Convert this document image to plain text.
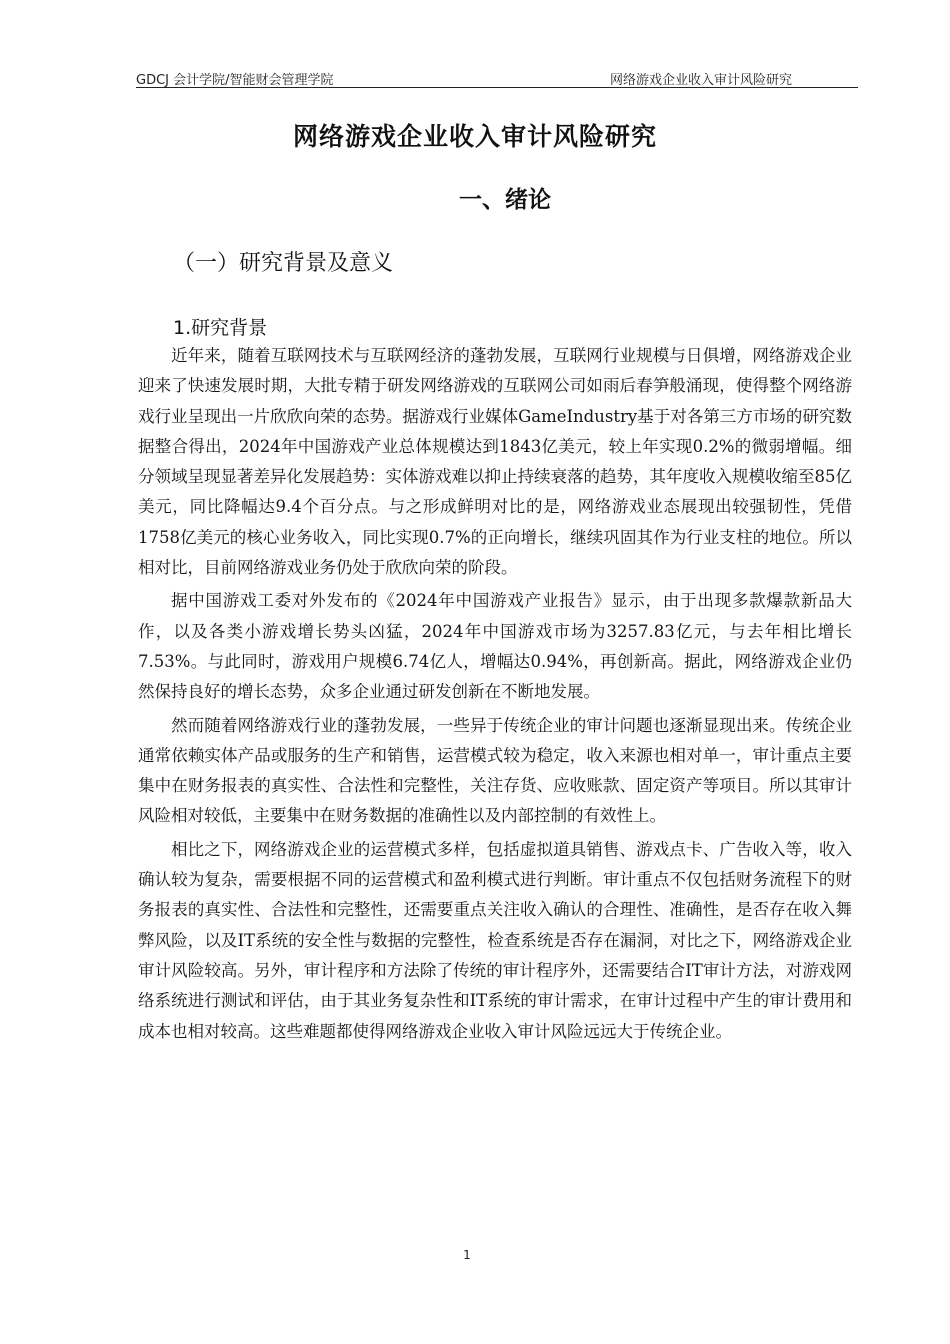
GDCJ 会计学院/智能财会管理学院	网络游戏企业收入审计风险研究
网络游戏企业收入审计风险研究
一、绪论
（一）研究背景及意义
1.研究背景

近年来，随着互联网技术与互联网经济的蓬勃发展，互联网行业规模与日俱增，网络游戏企业迎来了快速发展时期，大批专精于研发网络游戏的互联网公司如雨后春笋般涌现，使得整个网络游戏行业呈现出一片欣欣向荣的态势。据游戏行业媒体GameIndustry基于对各第三方市场的研究数据整合得出，2024年中国游戏产业总体规模达到1843亿美元，较上年实现0.2%的微弱增幅。细分领域呈现显著差异化发展趋势：实体游戏难以抑止持续衰落的趋势，其年度收入规模收缩至85亿美元，同比降幅达9.4个百分点。与之形成鲜明对比的是，网络游戏业态展现出较强韧性，凭借1758亿美元的核心业务收入，同比实现0.7%的正向增长，继续巩固其作为行业支柱的地位。所以相对比，目前网络游戏业务仍处于欣欣向荣的阶段。

据中国游戏工委对外发布的《2024年中国游戏产业报告》显示，由于出现多款爆款新品大作，以及各类小游戏增长势头凶猛，2024年中国游戏市场为3257.83亿元，与去年相比增长7.53%。与此同时，游戏用户规模6.74亿人，增幅达0.94%，再创新高。据此，网络游戏企业仍然保持良好的增长态势，众多企业通过研发创新在不断地发展。

然而随着网络游戏行业的蓬勃发展，一些异于传统企业的审计问题也逐渐显现出来。传统企业通常依赖实体产品或服务的生产和销售，运营模式较为稳定，收入来源也相对单一，审计重点主要集中在财务报表的真实性、合法性和完整性，关注存货、应收账款、固定资产等项目。所以其审计风险相对较低，主要集中在财务数据的准确性以及内部控制的有效性上。

相比之下，网络游戏企业的运营模式多样，包括虚拟道具销售、游戏点卡、广告收入等，收入确认较为复杂，需要根据不同的运营模式和盈利模式进行判断。审计重点不仅包括财务流程下的财务报表的真实性、合法性和完整性，还需要重点关注收入确认的合理性、准确性，是否存在收入舞弊风险，以及IT系统的安全性与数据的完整性，检查系统是否存在漏洞，对比之下，网络游戏企业审计风险较高。另外，审计程序和方法除了传统的审计程序外，还需要结合IT审计方法，对游戏网络系统进行测试和评估，由于其业务复杂性和IT系统的审计需求，在审计过程中产生的审计费用和成本也相对较高。这些难题都使得网络游戏企业收入审计风险远远大于传统企业。

1
